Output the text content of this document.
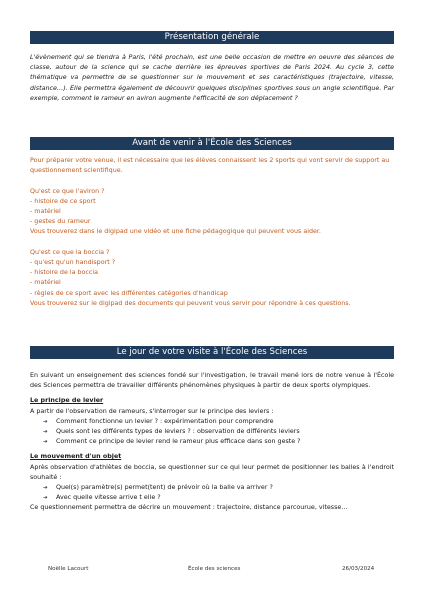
Présentation générale
L'évènement qui se tiendra à Paris, l'été prochain, est une belle occasion de mettre en oeuvre des séances de classe, autour de la science qui se cache derrière les épreuves sportives de Paris 2024. Au cycle 3, cette thématique va permettre de se questionner sur le mouvement et ses caractéristiques (trajectoire, vitesse, distance…). Elle permettra également de découvrir quelques disciplines sportives sous un angle scientifique. Par exemple, comment le rameur en aviron augmente l'efficacité de son déplacement ?
Avant de venir à l'École des Sciences
Pour préparer votre venue, il est nécessaire que les élèves connaissent les 2 sports qui vont servir de support au questionnement scientifique.
Qu'est ce que l'aviron ?
- histoire de ce sport
- matériel
- gestes du rameur
Vous trouverez dans le digipad une vidéo et une fiche pédagogique qui peuvent vous aider.
Qu'est ce que la boccia ?
- qu'est qu'un handisport ?
- histoire de la boccia
- matériel
- règles de ce sport avec les différentes catégories d'handicap
Vous trouverez sur le digipad des documents qui peuvent vous servir pour répondre à ces questions.
Le jour de votre visite à l'École des Sciences
En suivant un enseignement des sciences fondé sur l'investigation, le travail mené lors de notre venue à l'École des Sciences permettra de travailler différents phénomènes physiques à partir de deux sports olympiques.
Le principe de levier
A partir de l'observation de rameurs, s'interroger sur le principe des leviers :
➔ Comment fonctionne un levier ? : expérimentation pour comprendre
➔ Quels sont les différents types de leviers ? : observation de différents leviers
➔ Comment ce principe de levier rend le rameur plus efficace dans son geste ?
Le mouvement d'un objet
Après observation d'athlètes de boccia, se questionner sur ce qui leur permet de positionner les balles à l'endroit souhaité :
➔ Quel(s) paramètre(s) permet(tent) de prévoir où la balle va arriver ?
➔ Avec quelle vitesse arrive t elle ?
Ce questionnement permettra de décrire un mouvement : trajectoire, distance parcourue, vitesse…
Noëlle Lacourt	École des sciences	26/03/2024
